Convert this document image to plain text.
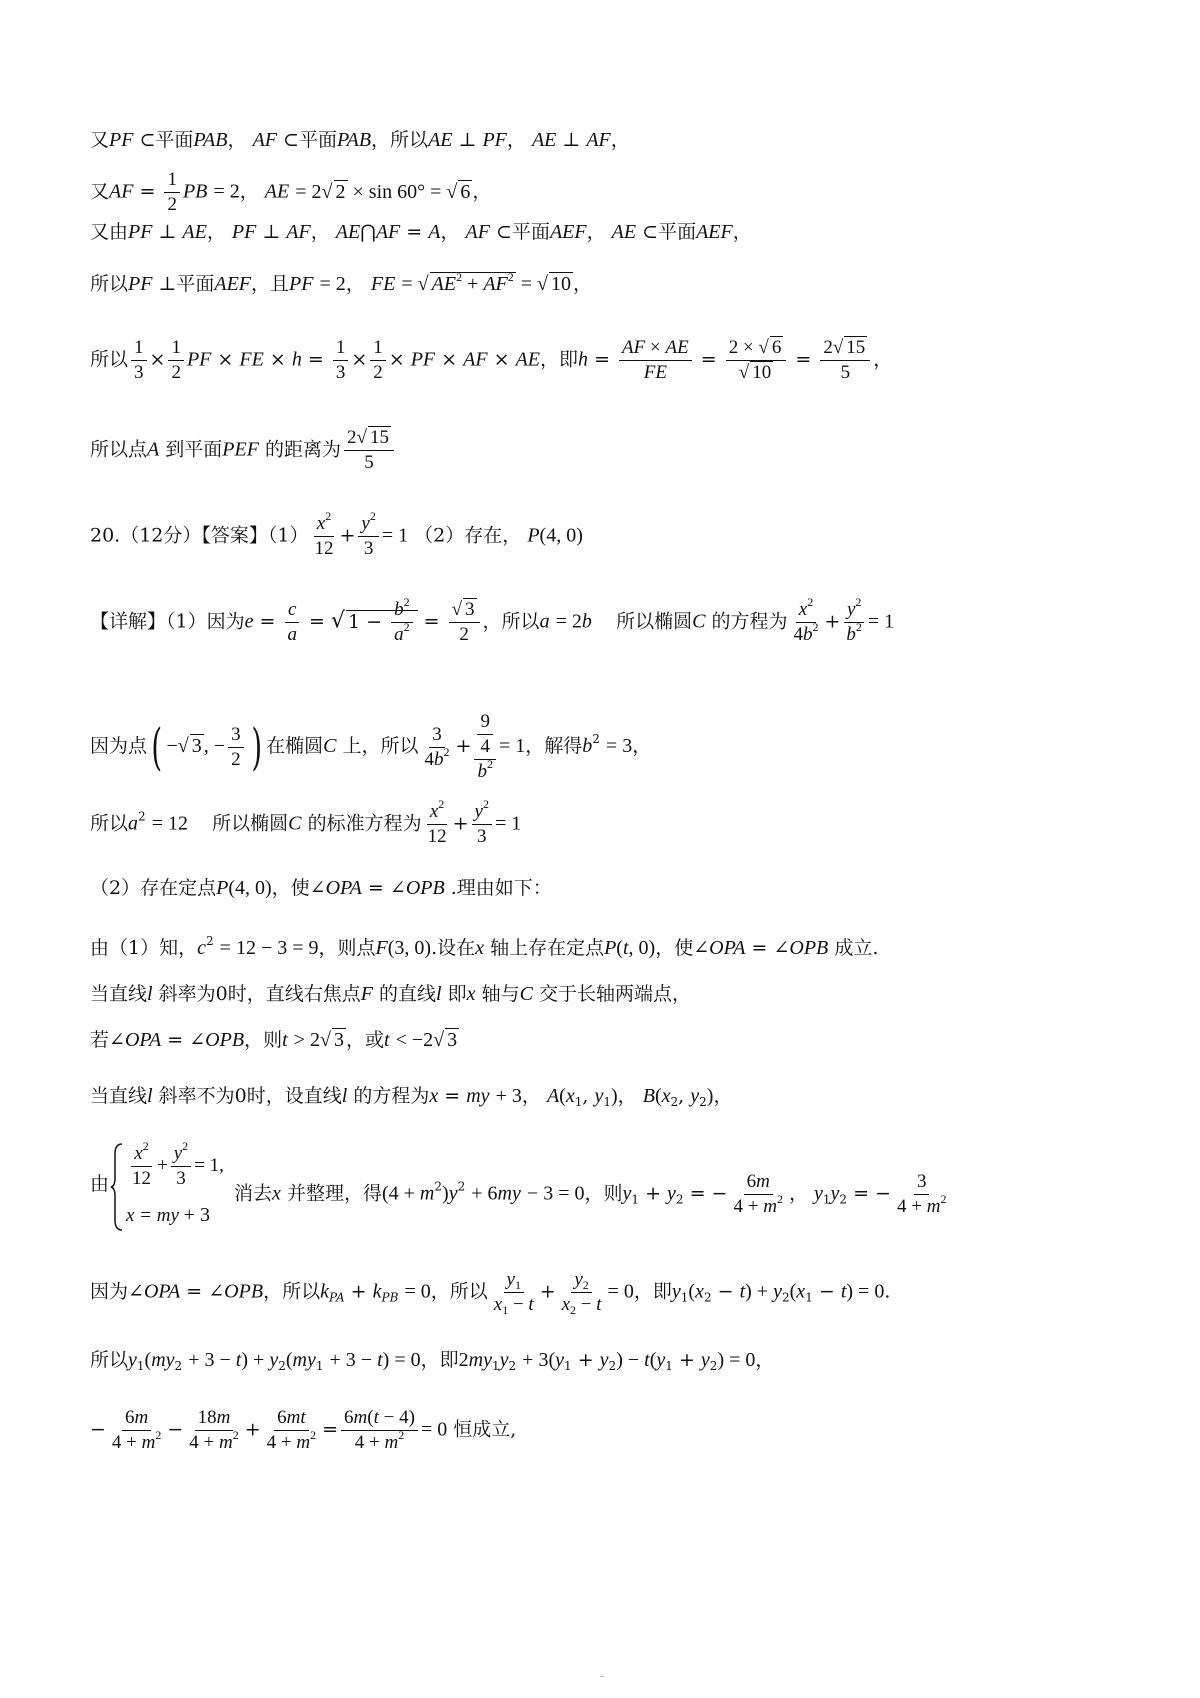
又PF ⊂平面PAB， AF ⊂平面PAB，所以AE ⊥ PF， AE ⊥ AF，
又AF = $\frac{1}{2}$ PB = 2， AE = 2√ 2 × sin 60° = √ 6 ，
又由PF ⊥ AE， PF ⊥ AF， AE⋂AF = A， AF ⊂平面AEF， AE ⊂平面AEF，
所以PF ⊥平面AEF，且PF = 2， FE = √ $AE^2 + AF^2$ = √ 10 ，
所以 $\frac{1}{3} \times \frac{1}{2}$ PF × FE × $h = \frac{1}{3} \times \frac{1}{2}$ × PF × AF × AE，即$h = \frac{AF \times AE}{FE} = \frac{2 \times √ 6}{√ 10} = \frac{2√ 15}{5}$ ，
所以点A 到平面PEF 的距离为 $\frac{2√ 15}{5}$
20.（12分）【答案】$(1) \frac{x^2}{12} + \frac{y^2}{3} = 1$ （2）存在， P(4, 0)
【详解】（1）因为$e = \frac{c}{a}$ = √ $1 - \frac{b^2}{a^2} = \frac{√ 3}{2}$ ，所以a = 2b 所以椭圆C 的方程为 $\frac{x^2}{4b^2} + \frac{y^2}{b^2} = 1$
因为点( −√ 3 , − $\frac{3}{2}$ ) 在椭圆C 上，所以 $\frac{3}{4b^2} + \frac{\frac{9}{4}}{b^2} = 1$，解得$b^2 = 3$，
所以$a^2 = 12$ 所以椭圆C 的标准方程为 $\frac{x^2}{12} + \frac{y^2}{3} = 1$
（2）存在定点P(4, 0)，使∠OPA = ∠OPB .理由如下：
由（1）知，$c^2 = 12 - 3 = 9$，则点F(3, 0).设在x 轴上存在定点P(t, 0)，使∠OPA = ∠OPB 成立.
当直线l 斜率为0时，直线右焦点F 的直线l 即x 轴与C 交于长轴两端点，
若∠OPA = ∠OPB，则t > 2√ 3 ，或t < −2√ 3
当直线l 斜率不为0时，设直线l 的方程为x = my + 3， $A(x_1$, $y_1$)， $B(x_2$, $y_2$)，
由	$\frac{x^2}{12} + \frac{y^2}{3} = 1$,
x = my + 3
消去x 并整理，得$(4 + m^2)y^2 + 6my - 3 = 0$，则$y_1 + y_2$ = − $\frac{6m}{4 + m^2}$ ， $y_1y_2$ = − $\frac{3}{4 + m^2}$
因为∠OPA = ∠OPB，所以$k_{PA} + k_{PB} = 0$，所以 $\frac{y_1}{x_1 - t} + \frac{y_2}{x_2 - t} = 0$，即$y_1(x_2 - t) + y_2(x_1 - t) = 0$.
所以$y_1(my_2 + 3 - t) + y_2(my_1 + 3 - t) = 0$，即$2my_1y_2 + 3(y_1 + y_2) - t(y_1 + y_2) = 0$，
− $\frac{6m}{4 + m^2} - \frac{18m}{4 + m^2} + \frac{6mt}{4 + m^2} = \frac{6m(t - 4)}{4 + m^2} = 0$ 恒成立,
